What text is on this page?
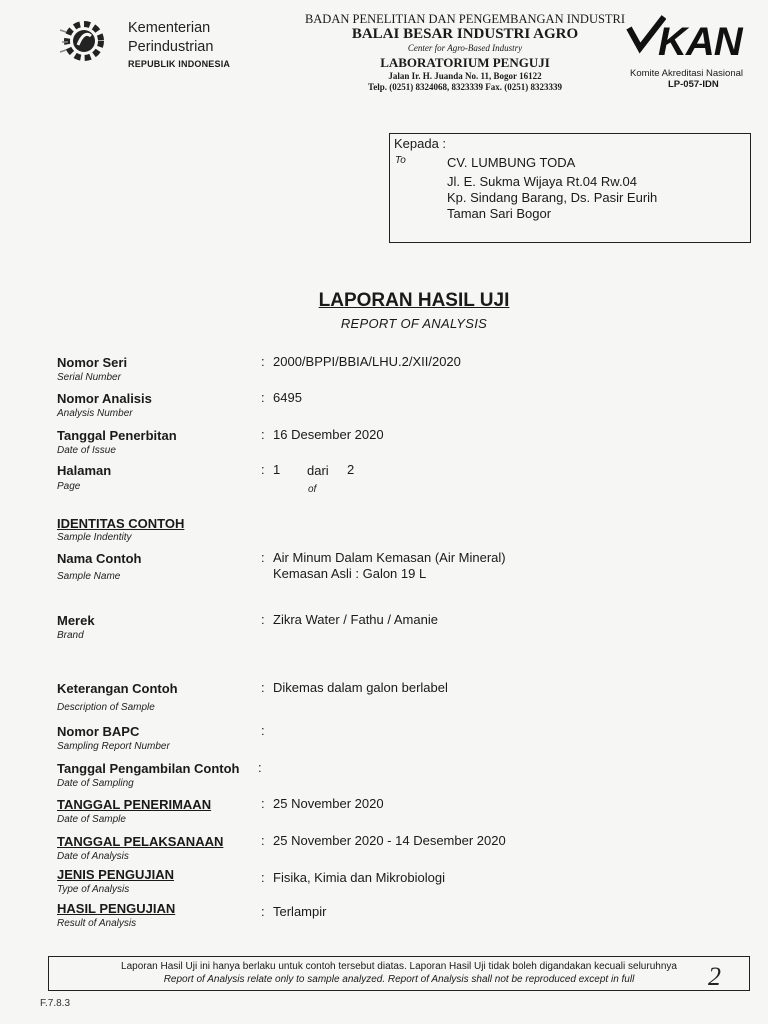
Kementerian
Perindustrian
REPUBLIK INDONESIA
BADAN PENELITIAN DAN PENGEMBANGAN INDUSTRI
BALAI BESAR INDUSTRI AGRO
Center for Agro-Based Industry
LABORATORIUM PENGUJI
Jalan Ir. H. Juanda No. 11, Bogor 16122
Telp. (0251) 8324068, 8323339 Fax. (0251) 8323339
KAN
Komite Akreditasi Nasional
LP-057-IDN
Kepada :
To	CV. LUMBUNG TODA
Jl. E. Sukma Wijaya Rt.04 Rw.04
Kp. Sindang Barang, Ds. Pasir Eurih
Taman Sari Bogor
LAPORAN HASIL UJI
REPORT OF ANALYSIS
Nomor Seri
Serial Number
: 2000/BPPI/BBIA/LHU.2/XII/2020
Nomor Analisis
Analysis Number
: 6495
Tanggal Penerbitan
Date of Issue
: 16 Desember 2020
Halaman
Page
: 1 dari 2
of
IDENTITAS CONTOH
Sample Indentity
Nama Contoh
Sample Name
: Air Minum Dalam Kemasan (Air Mineral)
Kemasan Asli : Galon 19 L
Merek
Brand
: Zikra Water / Fathu / Amanie
Keterangan Contoh
Description of Sample
: Dikemas dalam galon berlabel
Nomor BAPC
Sampling Report Number
:
Tanggal Pengambilan Contoh
Date of Sampling
:
TANGGAL PENERIMAAN
Date of Sample
: 25 November 2020
TANGGAL PELAKSANAAN
Date of Analysis
: 25 November 2020 - 14 Desember 2020
JENIS PENGUJIAN
Type of Analysis
: Fisika, Kimia dan Mikrobiologi
HASIL PENGUJIAN
Result of Analysis
: Terlampir
Laporan Hasil Uji ini hanya berlaku untuk contoh tersebut diatas. Laporan Hasil Uji tidak boleh digandakan kecuali seluruhnya
Report of Analysis relate only to sample analyzed. Report of Analysis shall not be reproduced except in full	2
F.7.8.3
